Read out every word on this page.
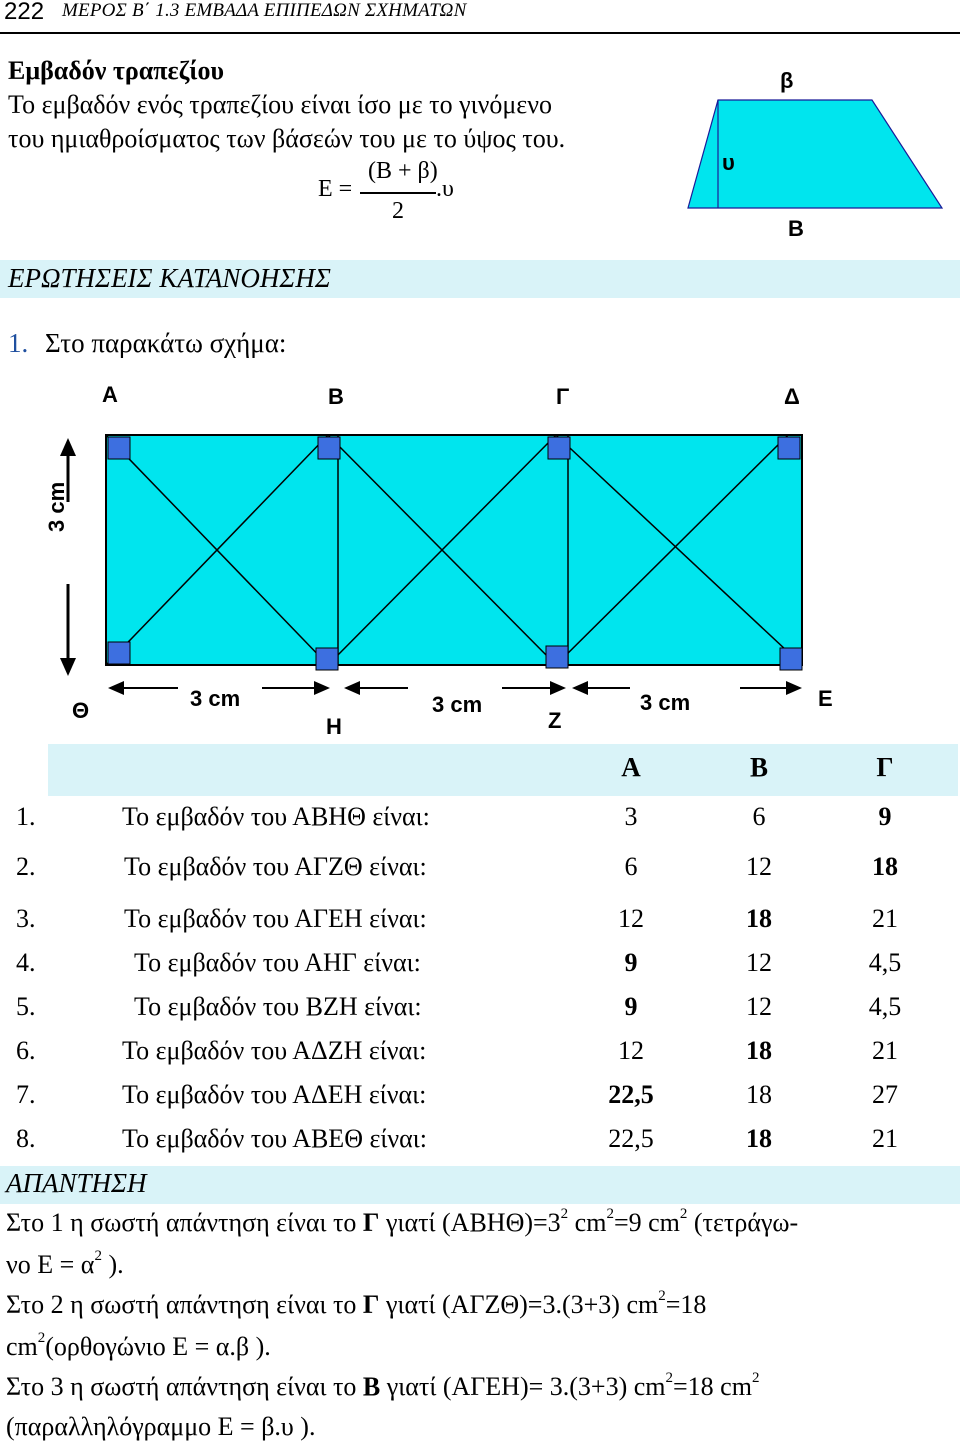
222 ΜΕΡΟΣ Β΄ 1.3 ΕΜΒΑΔΑ ΕΠΙΠΕΔΩΝ ΣΧΗΜΑΤΩΝ
Εμβαδόν τραπεζίου
Το εμβαδόν ενός τραπεζίου είναι ίσο με το γινόμενο
του ημιαθροίσματος των βάσεών του με το ύψος του.
Ε =
(Β + β)
2
.υ
β
υ
Β
ΕΡΩΤΗΣΕΙΣ ΚΑΤΑΝΟΗΣΗΣ
1. Στο παρακάτω σχήμα:
Α	Β	Γ	Δ
3 cm
Θ
Η	Ζ
Ε
3 cm	3 cm	3 cm
Α	Β	Γ
1.	Το εμβαδόν του ΑΒΗΘ είναι:	3	6	9
2.	Το εμβαδόν του ΑΓΖΘ είναι:	6	12	18
3.	Το εμβαδόν του ΑΓΕΗ είναι:	12	18	21
4.	Το εμβαδόν του ΑΗΓ είναι:	9	12	4,5
5.	Το εμβαδόν του ΒΖΗ είναι:	9	12	4,5
6.	Το εμβαδόν του ΑΔΖΗ είναι:	12	18	21
7.	Το εμβαδόν του ΑΔΕΗ είναι:	22,5	18	27
8.	Το εμβαδόν του ΑΒΕΘ είναι:	22,5	18	21
ΑΠΑΝΤΗΣΗ
Στο 1 η σωστή απάντηση είναι το Γ γιατί $(ABH\Theta)=3^2$ $cm^2=9$ $cm^2$ (τετράγω-
νο $E = \alpha^2$ ).
Στο 2 η σωστή απάντηση είναι το Γ γιατί (ΑΓΖΘ)=3.(3+3) $cm^2=18$
$cm^2(o\rho\theta o\gamma ώ\nu\iota o$ Ε = α.β ).
Στο 3 η σωστή απάντηση είναι το Β γιατί (ΑΓΕΗ)= 3.(3+3) $cm^2=18$ $cm^2$
(παραλληλόγραμμο Ε = β.υ ).
